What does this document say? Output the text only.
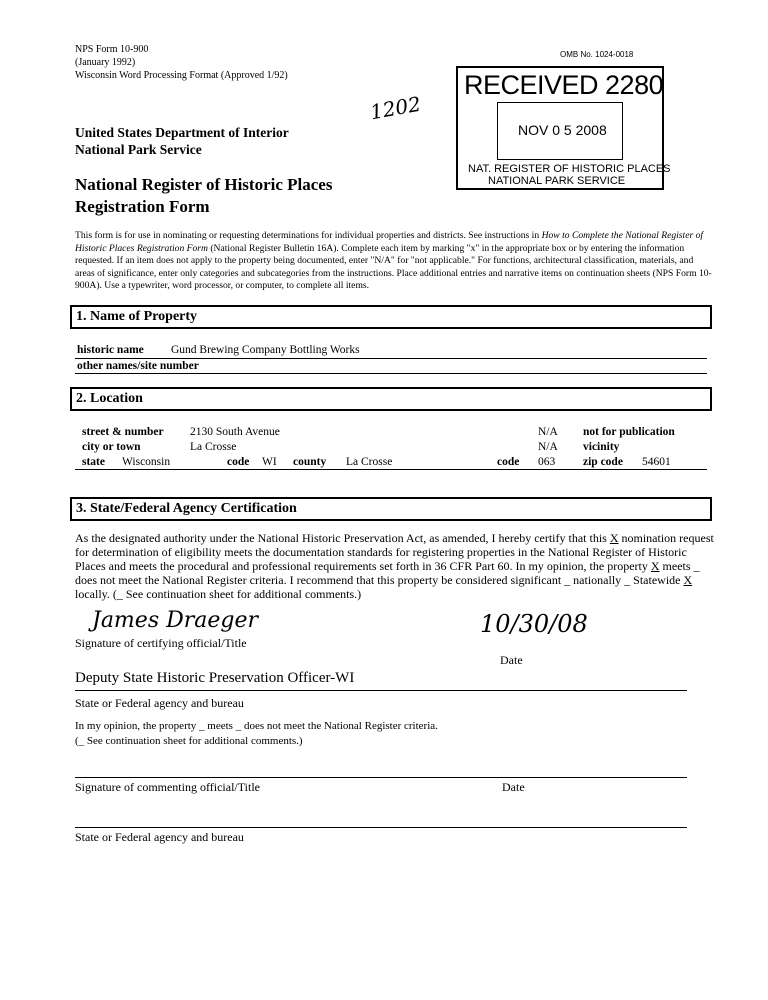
NPS Form 10-900
(January 1992)
Wisconsin Word Processing Format (Approved 1/92)
United States Department of Interior
National Park Service
National Register of Historic Places
Registration Form
1202
OMB No. 1024-0018
RECEIVED 2280
NOV 0 5 2008
NAT. REGISTER OF HISTORIC PLACES
NATIONAL PARK SERVICE
This form is for use in nominating or requesting determinations for individual properties and districts. See instructions in How to Complete the National Register of Historic Places Registration Form (National Register Bulletin 16A). Complete each item by marking "x" in the appropriate box or by entering the information requested. If an item does not apply to the property being documented, enter "N/A" for "not applicable." For functions, architectural classification, materials, and areas of significance, enter only categories and subcategories from the instructions. Place additional entries and narrative items on continuation sheets (NPS Form 10-900A). Use a typewriter, word processor, or computer, to complete all items.
1. Name of Property
historic name Gund Brewing Company Bottling Works
other names/site number
2. Location
street & number 2130 South Avenue	N/A not for publication
city or town	La Crosse	N/A vicinity
state Wisconsin	code WI county La Crosse	code 063 zip code 54601
3. State/Federal Agency Certification
As the designated authority under the National Historic Preservation Act, as amended, I hereby certify that this X nomination request for determination of eligibility meets the documentation standards for registering properties in the National Register of Historic Places and meets the procedural and professional requirements set forth in 36 CFR Part 60. In my opinion, the property X meets _ does not meet the National Register criteria. I recommend that this property be considered significant _ nationally _ Statewide X locally. (_ See continuation sheet for additional comments.)
James Draeger	10/30/08
Signature of certifying official/Title
Date
Deputy State Historic Preservation Officer-WI
State or Federal agency and bureau
In my opinion, the property _ meets _ does not meet the National Register criteria.
(_ See continuation sheet for additional comments.)
Signature of commenting official/Title	Date
State or Federal agency and bureau
